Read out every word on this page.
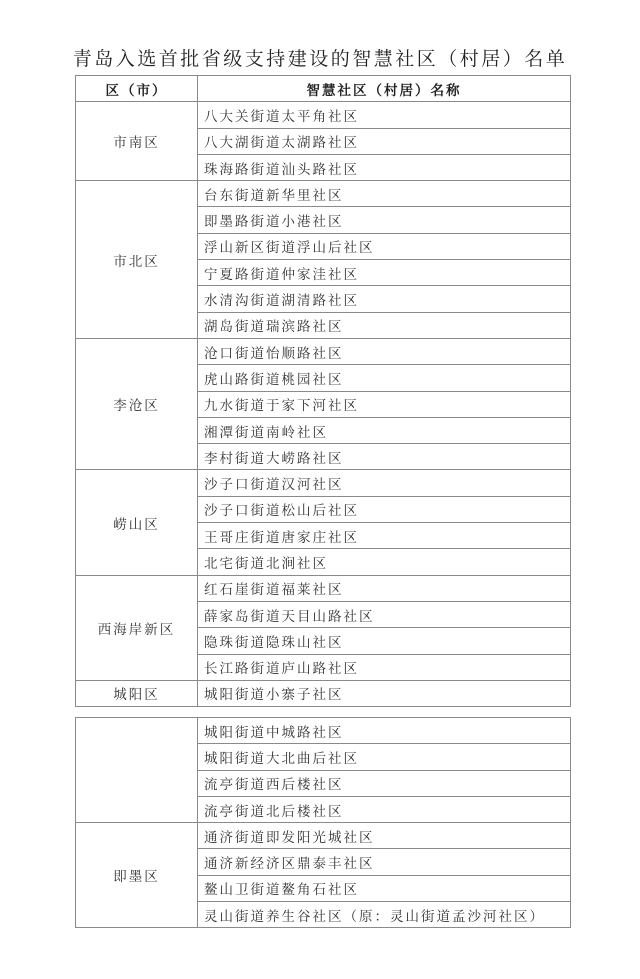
青岛入选首批省级支持建设的智慧社区（村居）名单
区（市）	智慧社区（村居）名称
市南区	八大关街道太平角社区
	八大湖街道太湖路社区
	珠海路街道汕头路社区
市北区	台东街道新华里社区
	即墨路街道小港社区
	浮山新区街道浮山后社区
	宁夏路街道仲家洼社区
	水清沟街道湖清路社区
	湖岛街道瑞滨路社区
李沧区	沧口街道怡顺路社区
	虎山路街道桃园社区
	九水街道于家下河社区
	湘潭街道南岭社区
	李村街道大崂路社区
崂山区	沙子口街道汉河社区
	沙子口街道松山后社区
	王哥庄街道唐家庄社区
	北宅街道北涧社区
西海岸新区	红石崖街道福莱社区
	薛家岛街道天目山路社区
	隐珠街道隐珠山社区
	长江路街道庐山路社区
城阳区	城阳街道小寨子社区
	城阳街道中城路社区
	城阳街道大北曲后社区
	流亭街道西后楼社区
	流亭街道北后楼社区
即墨区	通济街道即发阳光城社区
	通济新经济区鼎泰丰社区
	鳌山卫街道鳌角石社区
	灵山街道养生谷社区（原：灵山街道孟沙河社区）
